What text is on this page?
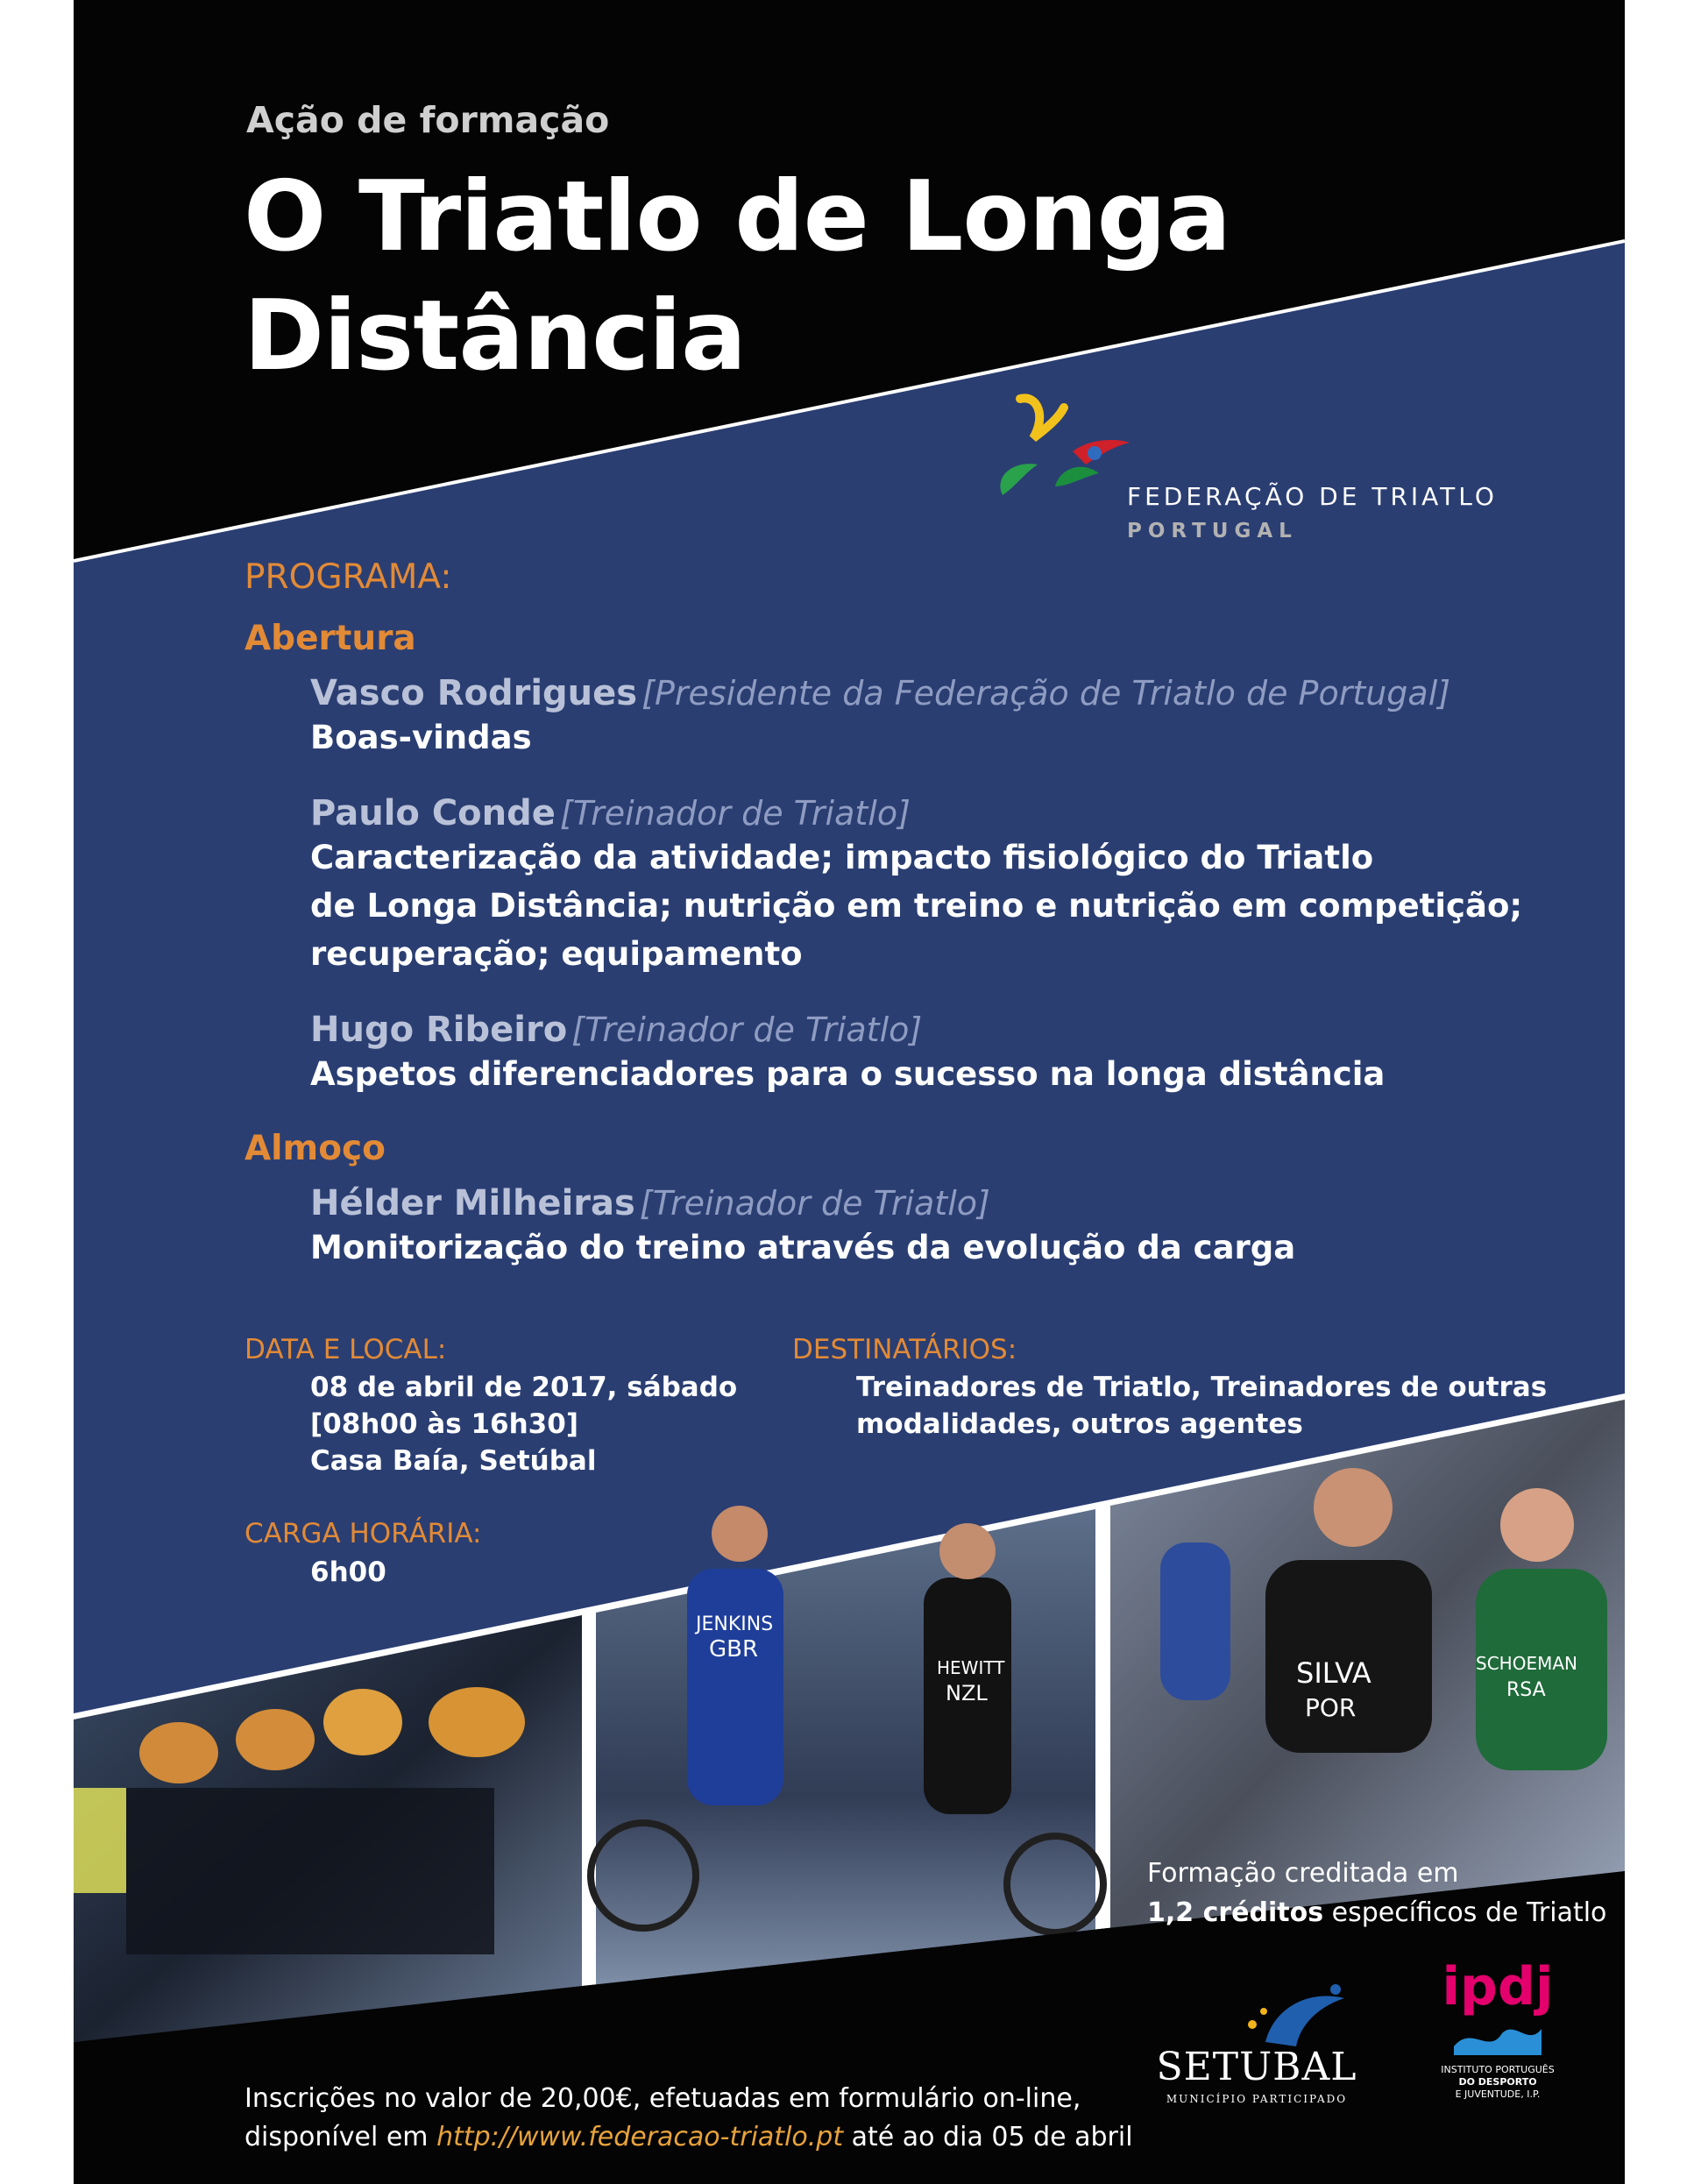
JENKINS
GBR
HEWITT
NZL
SILVA
POR
SCHOEMAN
RSA
Ação de formação
O Triatlo de Longa
Distância
FEDERAÇÃO DE TRIATLO
PORTUGAL
PROGRAMA:
Abertura
Vasco Rodrigues [Presidente da Federação de Triatlo de Portugal]
Boas-vindas
Paulo Conde [Treinador de Triatlo]
Caracterização da atividade; impacto fisiológico do Triatlo
de Longa Distância; nutrição em treino e nutrição em competição;
recuperação; equipamento
Hugo Ribeiro [Treinador de Triatlo]
Aspetos diferenciadores para o sucesso na longa distância
Almoço
Hélder Milheiras [Treinador de Triatlo]
Monitorização do treino através da evolução da carga
DATA E LOCAL:
08 de abril de 2017, sábado
[08h00 às 16h30]
Casa Baía, Setúbal
DESTINATÁRIOS:
Treinadores de Triatlo, Treinadores de outras
modalidades, outros agentes
CARGA HORÁRIA:
6h00
Formação creditada em
1,2 créditos específicos de Triatlo
Inscrições no valor de 20,00€, efetuadas em formulário on-line,
disponível em http://www.federacao-triatlo.pt até ao dia 05 de abril
SETUBAL
MUNICÍPIO PARTICIPADO
ipdj
INSTITUTO PORTUGUÊS
DO DESPORTO
E JUVENTUDE, I.P.
